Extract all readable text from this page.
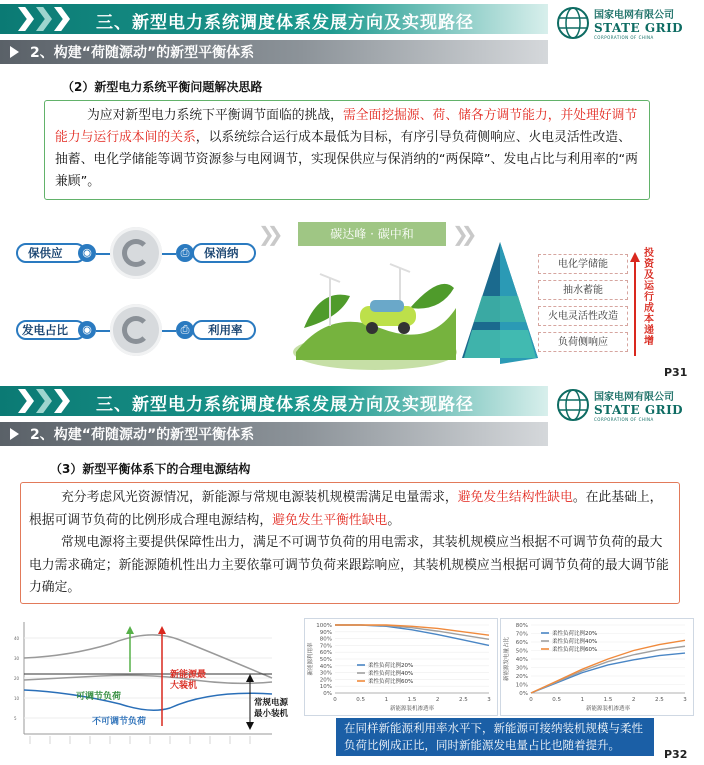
三、新型电力系统调度体系发展方向及实现路径	国家电网有限公司
STATE GRID
CORPORATION OF CHINA
2、构建“荷随源动”的新型平衡体系
（2）新型电力系统平衡问题解决思路
为应对新型电力系统下平衡调节面临的挑战，需全面挖掘源、荷、储各方调节能力，并处理好调节能力与运行成本间的关系，以系统综合运行成本最低为目标，有序引导负荷侧响应、火电灵活性改造、抽蓄、电化学储能等调节资源参与电网调节，实现保供应与保消纳的“两保障”、发电占比与利用率的“两兼顾”。
保供应	◉	⎙	保消纳
发电占比	◉	⎙	利用率
❯❯	❯❯
碳达峰 · 碳中和
电化学储能
抽水蓄能
火电灵活性改造
负荷侧响应
投资及运行成本递增
P31
三、新型电力系统调度体系发展方向及实现路径	国家电网有限公司
STATE GRID
CORPORATION OF CHINA
2、构建“荷随源动”的新型平衡体系
（3）新型平衡体系下的合理电源结构
充分考虑风光资源情况，新能源与常规电源装机规模需满足电量需求，避免发生结构性缺电。在此基础上，根据可调节负荷的比例形成合理电源结构，避免发生平衡性缺电。
常规电源将主要提供保障性出力，满足不可调节负荷的用电需求，其装机规模应当根据不可调节负荷的最大电力需求确定；新能源随机性出力主要依靠可调节负荷来跟踪响应，其装机规模应当根据可调节负荷的最大调节能力确定。
40
30
20
10
5
可调节负荷
不可调节负荷
新能源最大装机
常规电源最小装机
100%
90%
80%
70%
60%
50%
40%
30%
20%
10%
0%
0	0.5	1	1.5	2	2.5	3
新能源装机渗透率
新能源利用率	柔性负荷比例20%
柔性负荷比例40%
柔性负荷比例60%
80%
70%
60%
50%
40%
30%
20%
10%
0%
0	0.5	1	1.5	2	2.5	3
新能源装机渗透率
新能源发电量占比
柔性负荷比例20%
柔性负荷比例40%
柔性负荷比例60%
在同样新能源利用率水平下，新能源可接纳装机规模与柔性负荷比例成正比，同时新能源发电量占比也随着提升。
P32
